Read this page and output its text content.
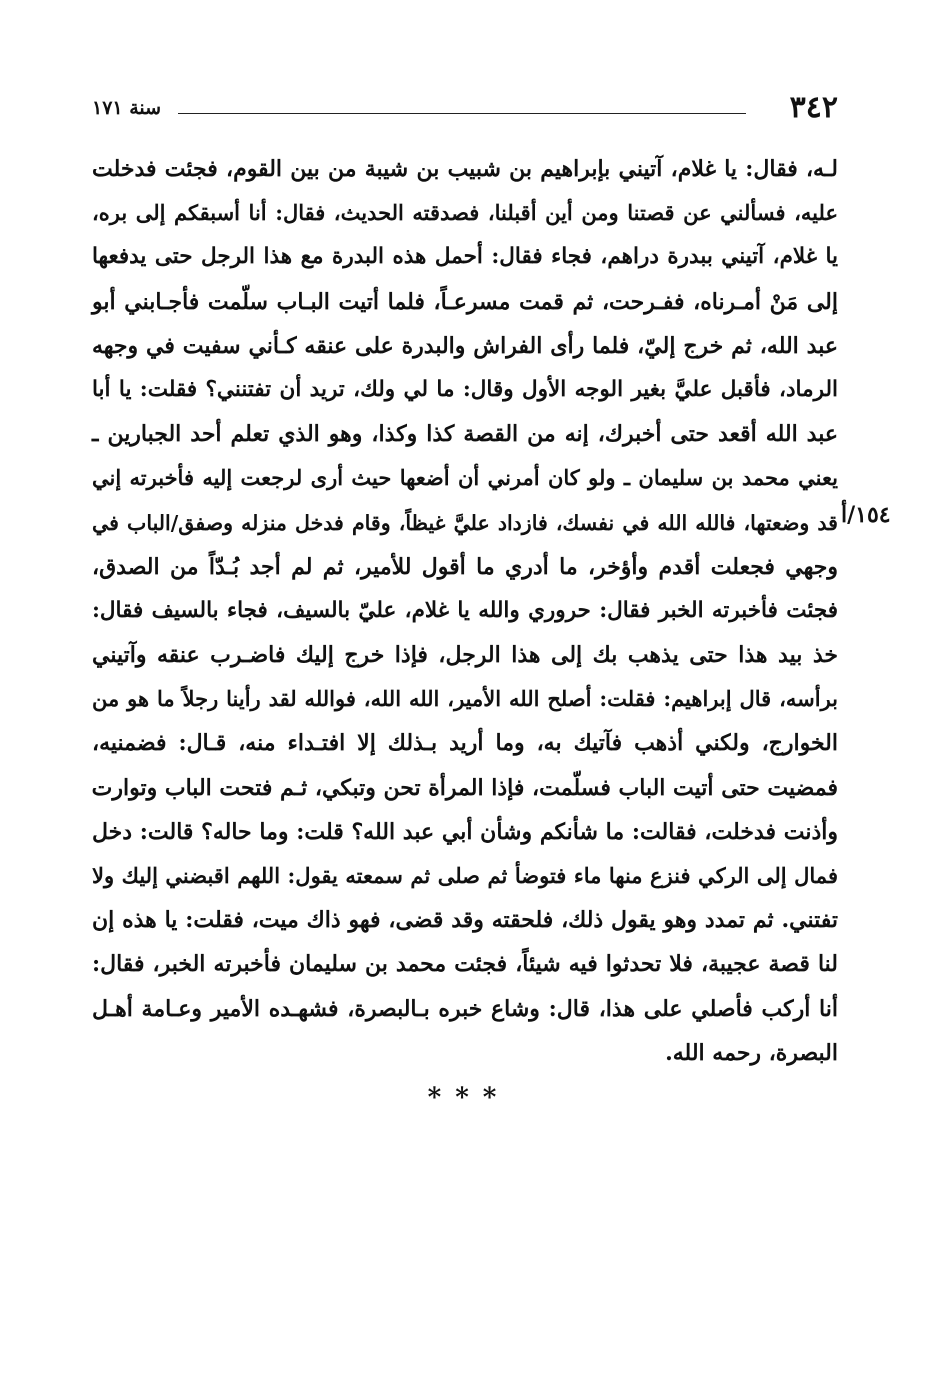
٣٤٢
سنة ١٧١
١٥٤/أ
لـه، فقال: يا غلام، آتيني بإبراهيم بن شبيب بن شيبة من بين القوم، فجئت فدخلت
عليه، فسألني عن قصتنا ومن أين أقبلنا، فصدقته الحديث، فقال: أنا أسبقكم إلى بره،
يا غلام، آتيني ببدرة دراهم، فجاء فقال: أحمل هذه البدرة مع هذا الرجل حتى يدفعها
إلى مَنْ أمـرناه، ففـرحت، ثم قمت مسرعـاً، فلما أتيت البـاب سلّمت فأجـابني أبو
عبد الله، ثم خرج إليّ، فلما رأى الفراش والبدرة على عنقه كـأني سفيت في وجهه
الرماد، فأقبل عليَّ بغير الوجه الأول وقال: ما لي ولك، تريد أن تفتنني؟ فقلت: يا أبا
عبد الله أقعد حتى أخبرك، إنه من القصة كذا وكذا، وهو الذي تعلم أحد الجبارين ـ
يعني محمد بن سليمان ـ ولو كان أمرني أن أضعها حيث أرى لرجعت إليه فأخبرته إني
قد وضعتها، فالله الله في نفسك، فازداد عليَّ غيظاً، وقام فدخل منزله وصفق/الباب في
وجهي فجعلت أقدم وأؤخر، ما أدري ما أقول للأمير، ثم لم أجد بُـدّاً من الصدق،
فجئت فأخبرته الخبر فقال: حروري والله يا غلام، عليّ بالسيف، فجاء بالسيف فقال:
خذ بيد هذا حتى يذهب بك إلى هذا الرجل، فإذا خرج إليك فاضـرب عنقه وآتيني
برأسه، قال إبراهيم: فقلت: أصلح الله الأمير، الله الله، فوالله لقد رأينا رجلاً ما هو من
الخوارج، ولكني أذهب فآتيك به، وما أريد بـذلك إلا افتـداء منه، قـال: فضمنيه،
فمضيت حتى أتيت الباب فسلّمت، فإذا المرأة تحن وتبكي، ثـم فتحت الباب وتوارت
وأذنت فدخلت، فقالت: ما شأنكم وشأن أبي عبد الله؟ قلت: وما حاله؟ قالت: دخل
فمال إلى الركي فنزع منها ماء فتوضأ ثم صلى ثم سمعته يقول: اللهم اقبضني إليك ولا
تفتني. ثم تمدد وهو يقول ذلك، فلحقته وقد قضى، فهو ذاك ميت، فقلت: يا هذه إن
لنا قصة عجيبة، فلا تحدثوا فيه شيئاً، فجئت محمد بن سليمان فأخبرته الخبر، فقال:
أنا أركب فأصلي على هذا، قال: وشاع خبره بـالبصرة، فشهـده الأمير وعـامة أهـل
البصرة، رحمه الله.
***
